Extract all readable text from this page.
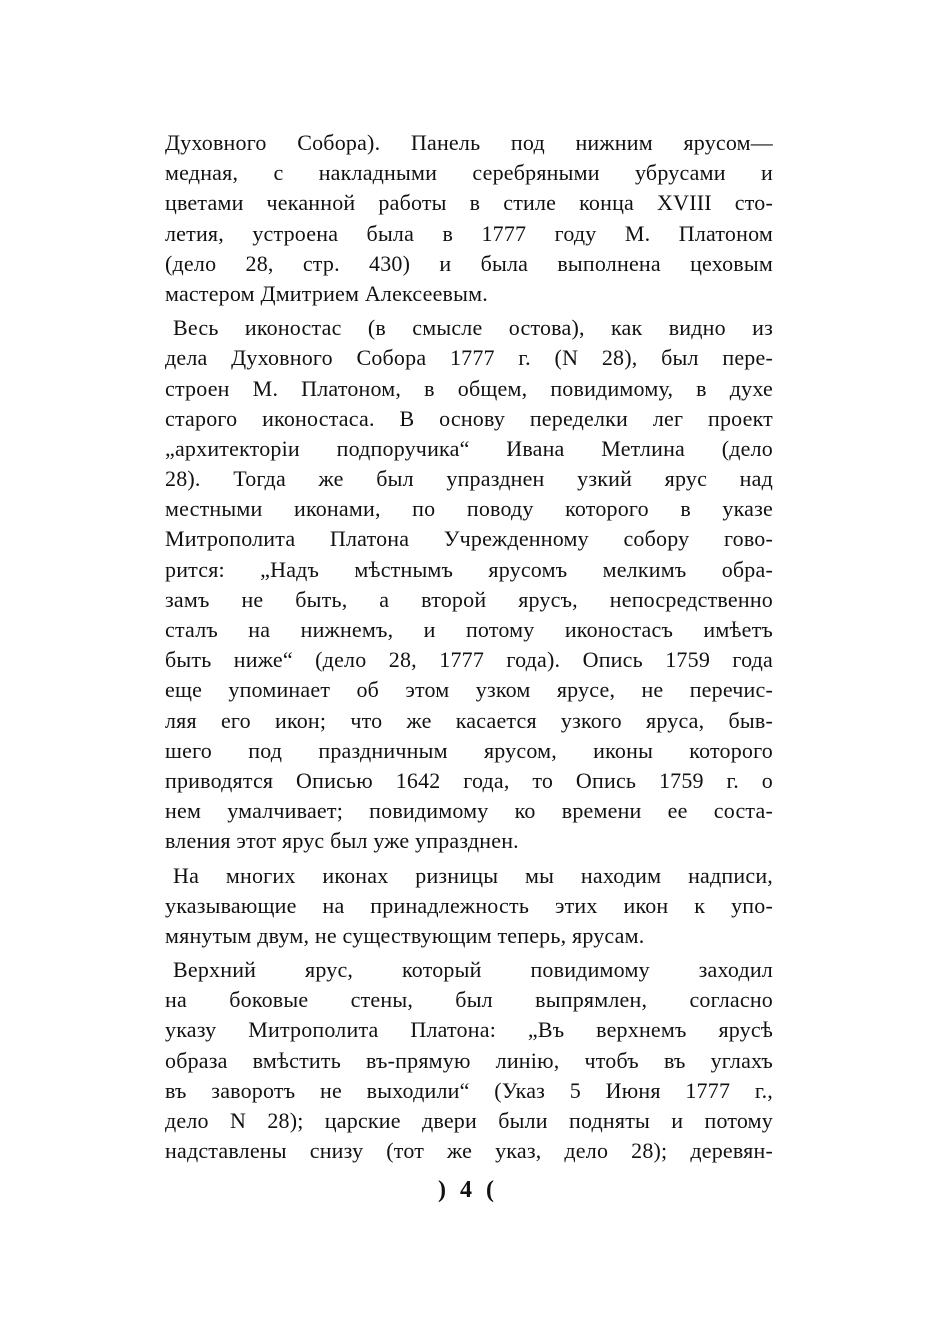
Духовного Собора). Панель под нижним ярусом—
медная, с накладными серебряными убрусами и
цветами чеканной работы в стиле конца XVIII сто-
летия, устроена была в 1777 году М. Платоном
(дело 28, стр. 430) и была выполнена цеховым
мастером Дмитрием Алексеевым.
Весь иконостас (в смысле остова), как видно из
дела Духовного Собора 1777 г. (N 28), был пере-
строен М. Платоном, в общем, повидимому, в духе
старого иконостаса. В основу переделки лег проект
„архитекторіи подпоручика“ Ивана Метлина (дело
28). Тогда же был упразднен узкий ярус над
местными иконами, по поводу которого в указе
Митрополита Платона Учрежденному собору гово-
рится: „Надъ мѣстнымъ ярусомъ мелкимъ обра-
замъ не быть, а второй ярусъ, непосредственно
сталъ на нижнемъ, и потому иконостасъ имѣетъ
быть ниже“ (дело 28, 1777 года). Опись 1759 года
еще упоминает об этом узком ярусе, не перечис-
ляя его икон; что же касается узкого яруса, быв-
шего под праздничным ярусом, иконы которого
приводятся Описью 1642 года, то Опись 1759 г. о
нем умалчивает; повидимому ко времени ее соста-
вления этот ярус был уже упразднен.
На многих иконах ризницы мы находим надписи,
указывающие на принадлежность этих икон к упо-
мянутым двум, не существующим теперь, ярусам.
Верхний ярус, который повидимому заходил
на боковые стены, был выпрямлен, согласно
указу Митрополита Платона: „Въ верхнемъ ярусѣ
образа вмѣстить въ-прямую линію, чтобъ въ углахъ
въ заворотъ не выходили“ (Указ 5 Июня 1777 г.,
дело N 28); царские двери были подняты и потому
надставлены снизу (тот же указ, дело 28); деревян-
) 4 (
